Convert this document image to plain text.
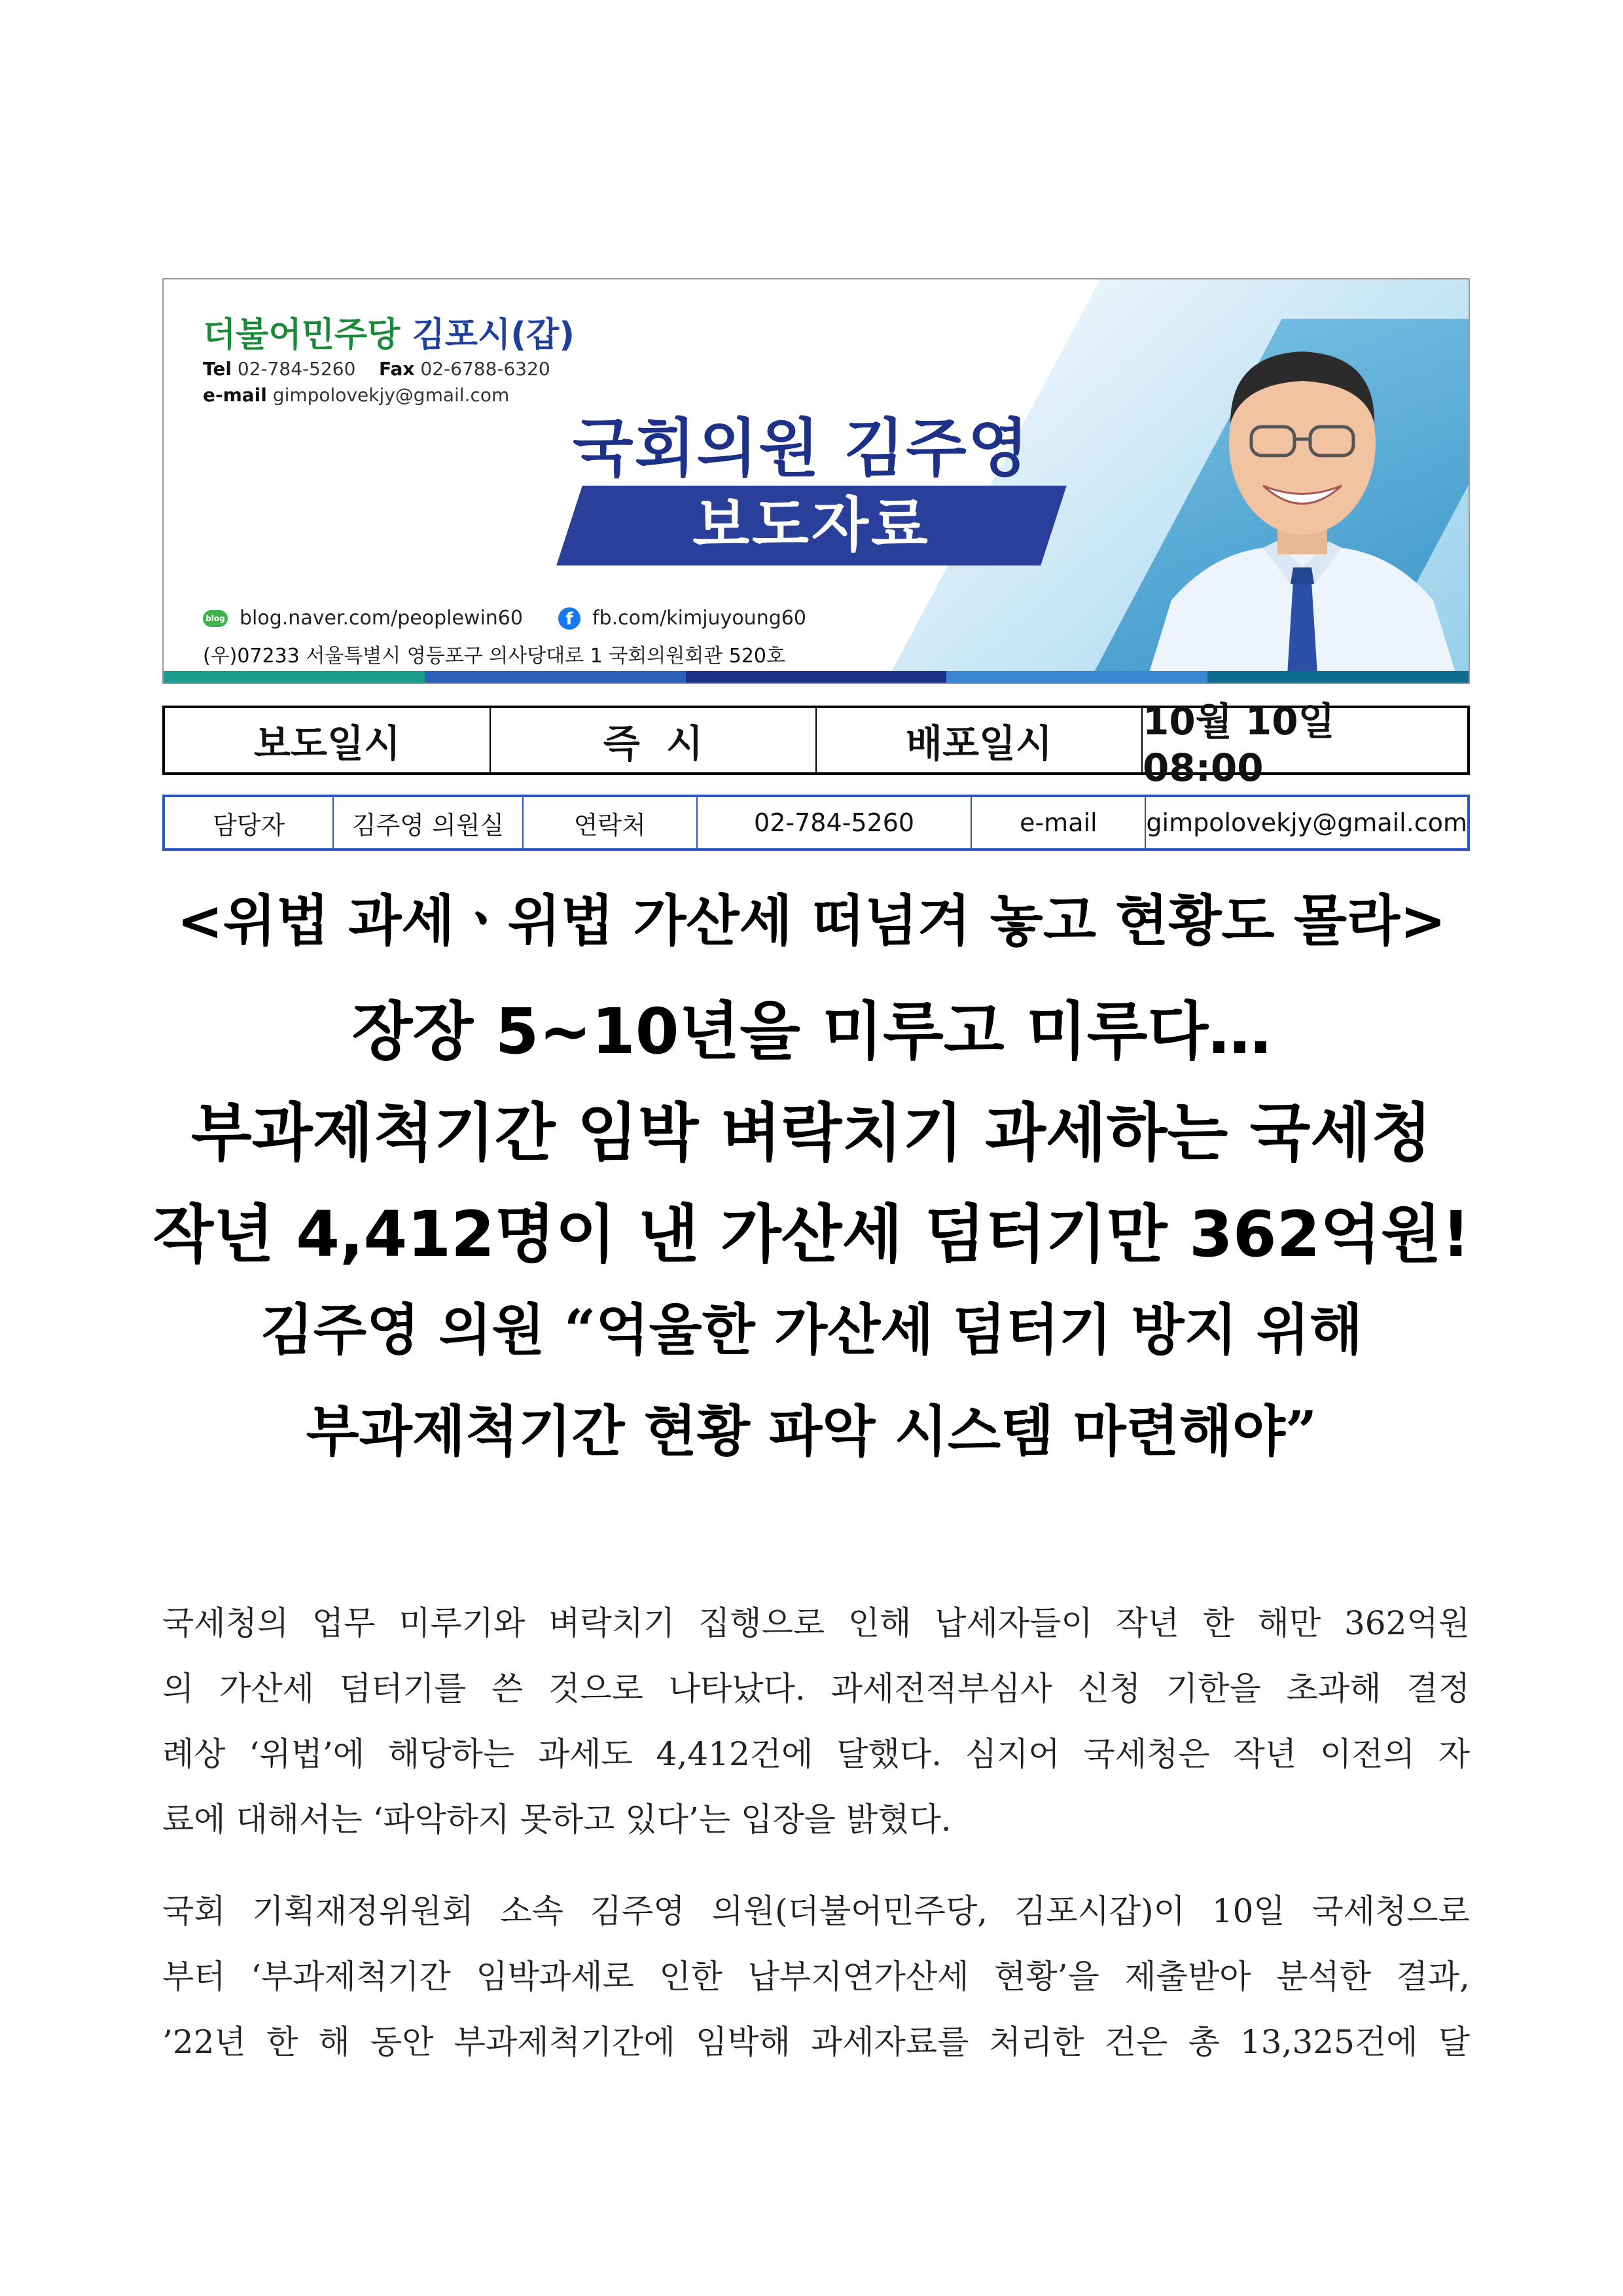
더불어민주당 김포시(갑)
Tel 02-784-5260 Fax 02-6788-6320
e-mail gimpolovekjy@gmail.com
국회의원 김주영
보도자료
blog blog.naver.com/peoplewin60	f fb.com/kimjuyoung60
(우)07233 서울특별시 영등포구 의사당대로 1 국회의원회관 520호
보도일시	즉  시	배포일시	10월 10일 08:00
담당자	김주영 의원실	연락처	02-784-5260	e-mail	gimpolovekjy@gmail.com
<위법 과세ㆍ위법 가산세 떠넘겨 놓고 현황도 몰라>
장장 5~10년을 미루고 미루다…
부과제척기간 임박 벼락치기 과세하는 국세청
작년 4,412명이 낸 가산세 덤터기만 362억원!
김주영 의원 “억울한 가산세 덤터기 방지 위해
부과제척기간 현황 파악 시스템 마련해야”
국세청의 업무 미루기와 벼락치기 집행으로 인해 납세자들이 작년 한 해만 362억원
의 가산세 덤터기를 쓴 것으로 나타났다. 과세전적부심사 신청 기한을 초과해 결정
례상 ‘위법’에 해당하는 과세도 4,412건에 달했다. 심지어 국세청은 작년 이전의 자
료에 대해서는 ‘파악하지 못하고 있다’는 입장을 밝혔다.
국회 기획재정위원회 소속 김주영 의원(더불어민주당, 김포시갑)이 10일 국세청으로
부터 ‘부과제척기간 임박과세로 인한 납부지연가산세 현황’을 제출받아 분석한 결과,
’22년 한 해 동안 부과제척기간에 임박해 과세자료를 처리한 건은 총 13,325건에 달
